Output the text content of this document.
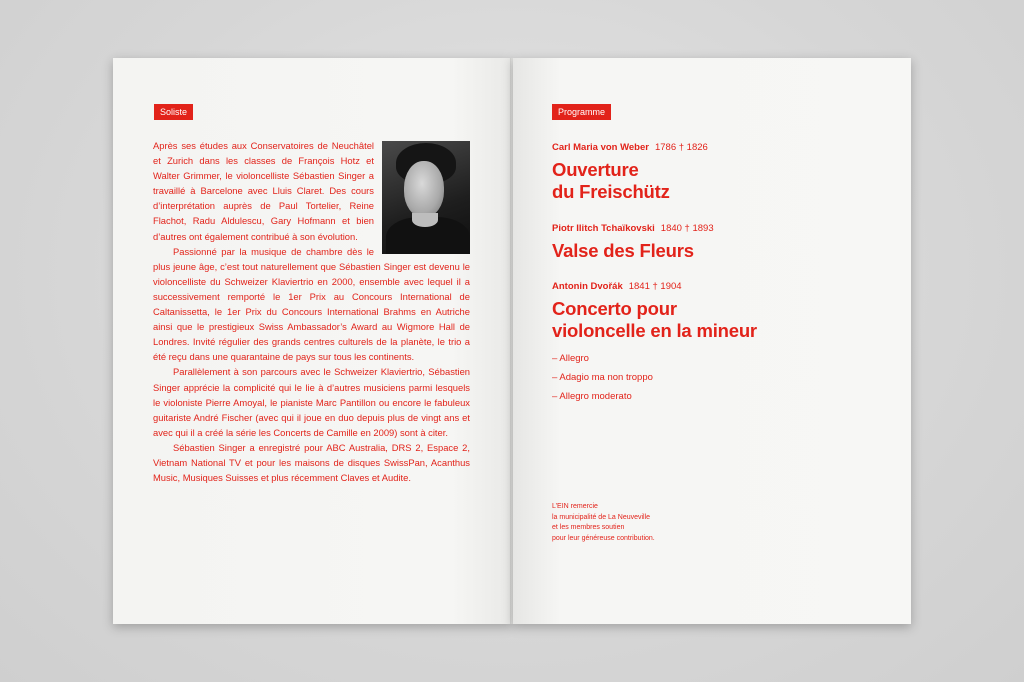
Soliste

Après ses études aux Conservatoires de Neuchâtel et Zurich dans les classes de François Hotz et Walter Grimmer, le violoncelliste Sébastien Singer a travaillé à Barcelone avec Lluis Claret. Des cours d’interprétation auprès de Paul Tortelier, Reine Flachot, Radu Aldulescu, Gary Hofmann et bien d’autres ont également contribué à son évolution.

Passionné par la musique de chambre dès le plus jeune âge, c’est tout naturellement que Sébastien Singer est devenu le violoncelliste du Schweizer Klaviertrio en 2000, ensemble avec lequel il a successivement remporté le 1er Prix au Concours International de Caltanissetta, le 1er Prix du Concours International Brahms en Autriche ainsi que le prestigieux Swiss Ambassador’s Award au Wigmore Hall de Londres. Invité régulier des grands centres culturels de la planète, le trio a été reçu dans une quarantaine de pays sur tous les continents.

Parallèlement à son parcours avec le Schweizer Klaviertrio, Sébastien Singer apprécie la complicité qui le lie à d’autres musiciens parmi lesquels le violoniste Pierre Amoyal, le pianiste Marc Pantillon ou encore le fabuleux guitariste André Fischer (avec qui il joue en duo depuis plus de vingt ans et avec qui il a créé la série les Concerts de Camille en 2009) sont à citer.

Sébastien Singer a enregistré pour ABC Australia, DRS 2, Espace 2, Vietnam National TV et pour les maisons de disques SwissPan, Acanthus Music, Musiques Suisses et plus récemment Claves et Audite.

Programme
Carl Maria von Weber 1786 † 1826
Ouverture
du Freischütz
Piotr Ilitch Tchaïkovski 1840 † 1893
Valse des Fleurs
Antonin Dvořák 1841 † 1904
Concerto pour
violoncelle en la mineur
– Allegro
– Adagio ma non troppo
– Allegro moderato
L’EIN remercie
la municipalité de La Neuveville
et les membres soutien
pour leur généreuse contribution.
